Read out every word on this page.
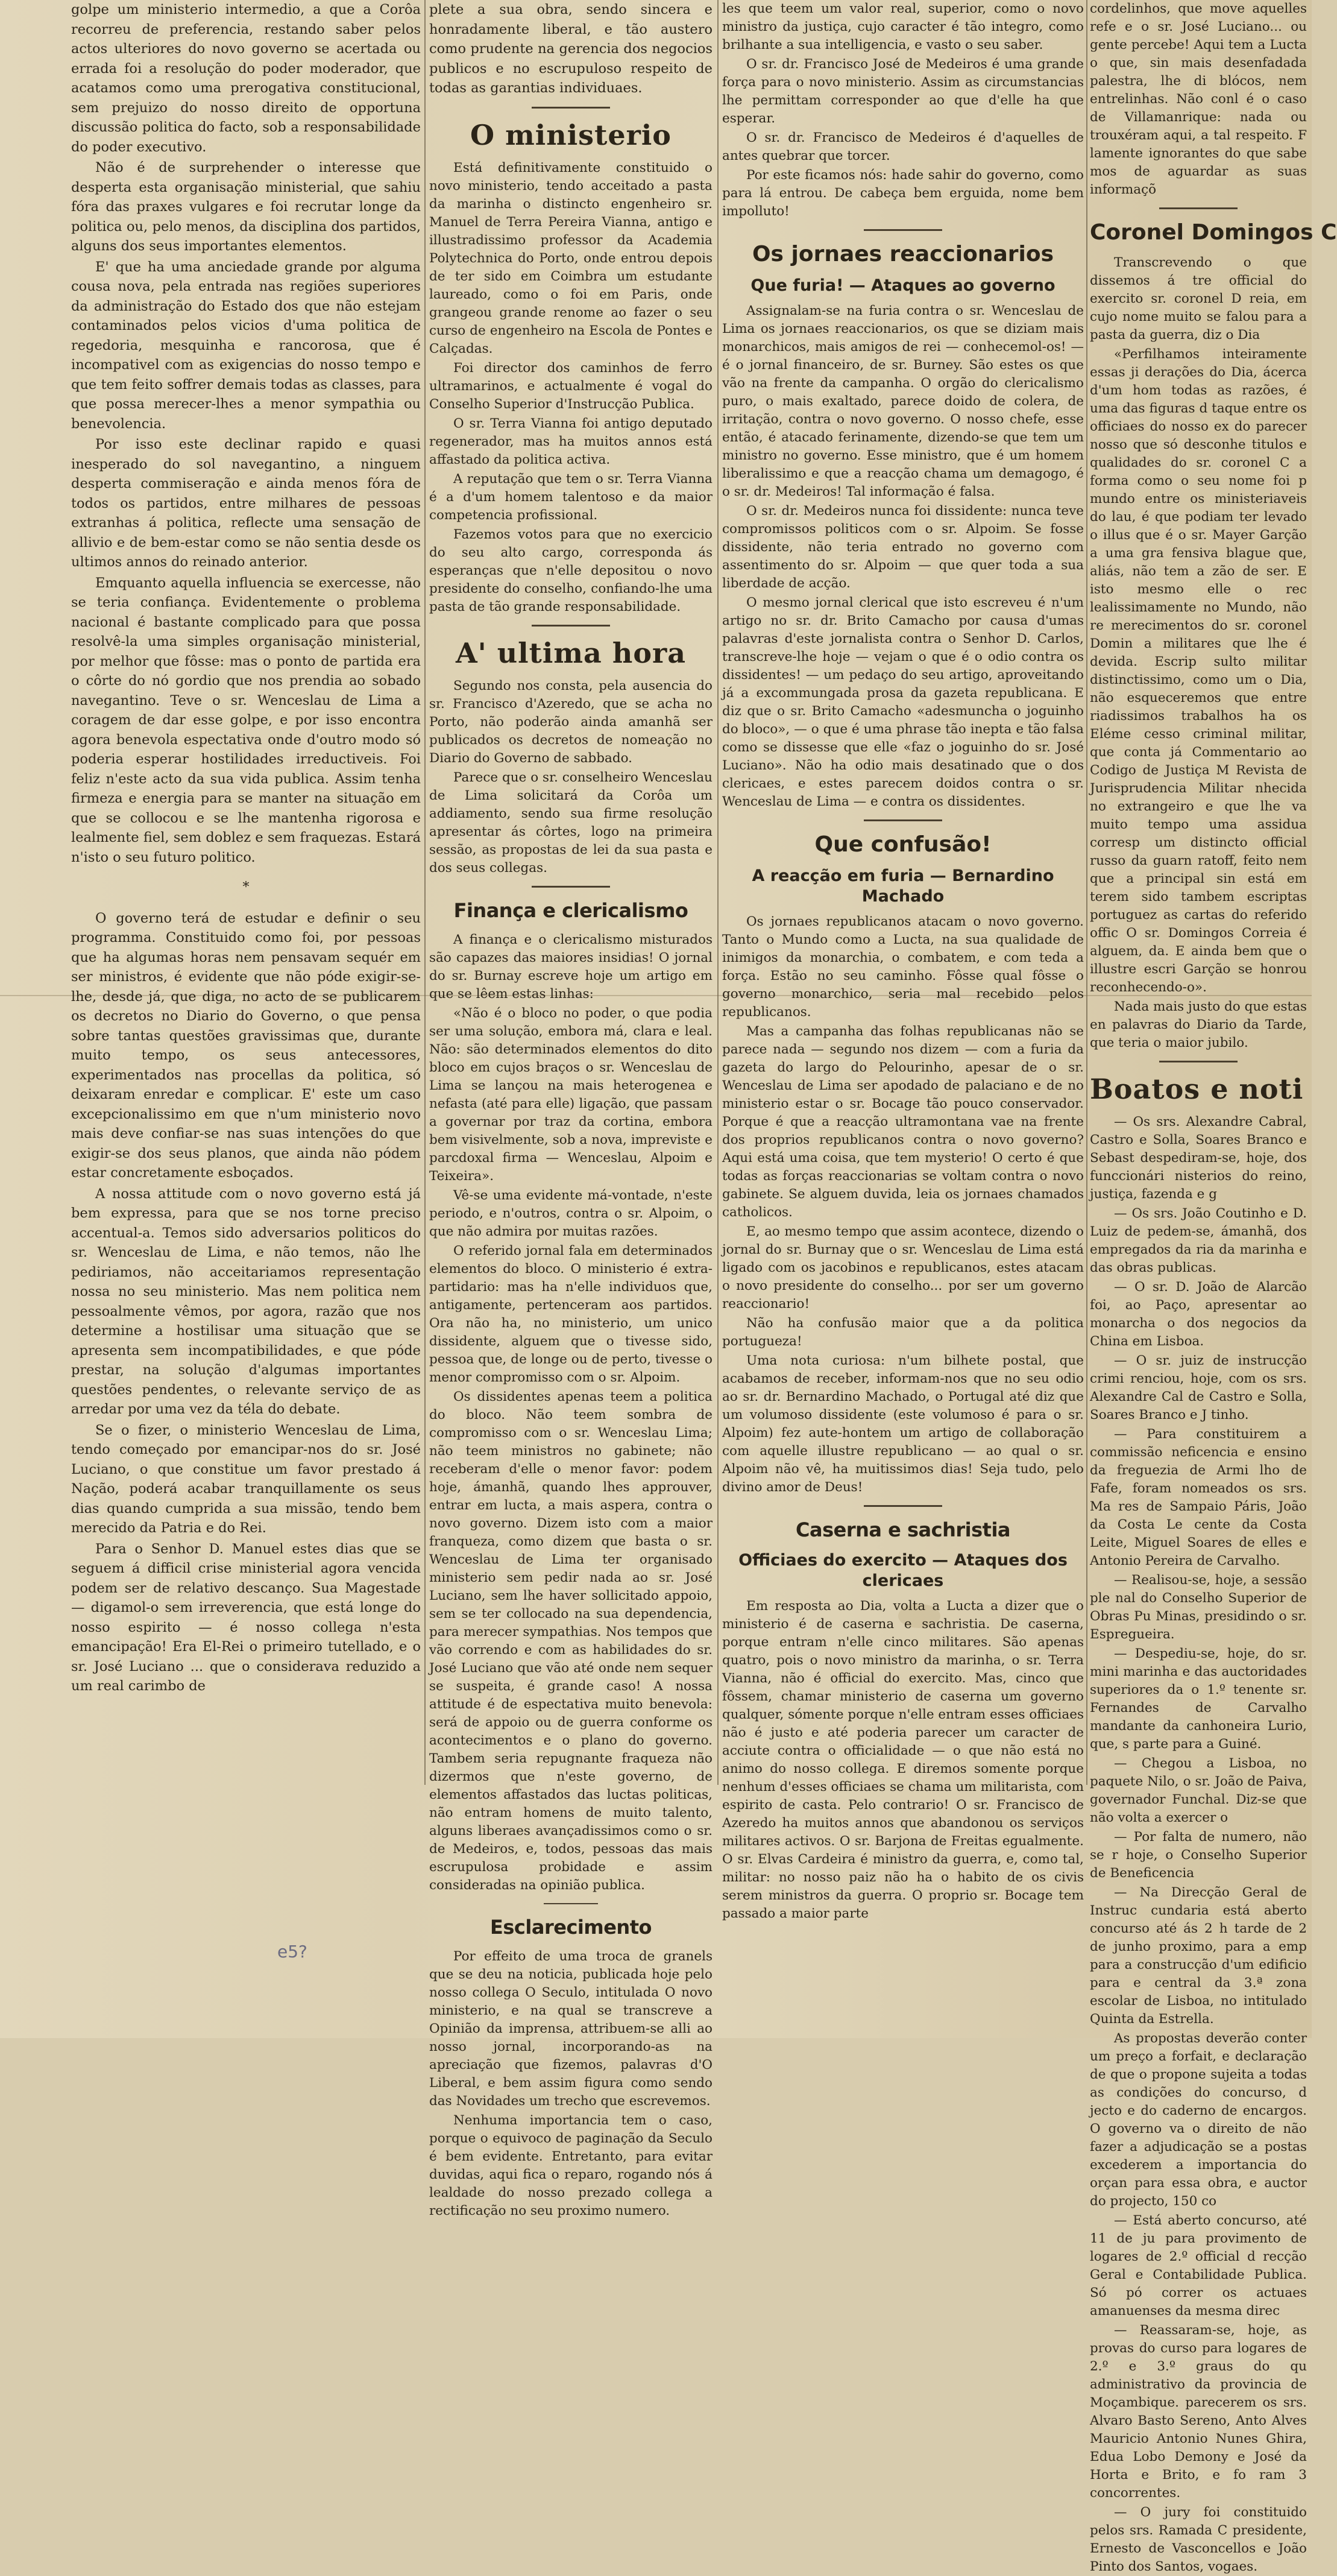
golpe um ministerio intermedio, a que a Corôa recorreu de preferencia, restando saber pelos actos ulteriores do novo governo se acertada ou errada foi a resolução do poder moderador, que acatamos como uma prerogativa constitucional, sem prejuizo do nosso direito de opportuna discussão politica do facto, sob a responsabilidade do poder executivo.

Não é de surprehender o interesse que desperta esta organisação ministerial, que sahiu fóra das praxes vulgares e foi recrutar longe da politica ou, pelo menos, da disciplina dos partidos, alguns dos seus importantes elementos.

E' que ha uma anciedade grande por alguma cousa nova, pela entrada nas regiões superiores da administração do Estado dos que não estejam contaminados pelos vicios d'uma politica de regedoria, mesquinha e rancorosa, que é incompativel com as exigencias do nosso tempo e que tem feito soffrer demais todas as classes, para que possa merecer-lhes a menor sympathia ou benevolencia.

Por isso este declinar rapido e quasi inesperado do sol navegantino, a ninguem desperta commiseração e ainda menos fóra de todos os partidos, entre milhares de pessoas extranhas á politica, reflecte uma sensação de allivio e de bem-estar como se não sentia desde os ultimos annos do reinado anterior.

Emquanto aquella influencia se exercesse, não se teria confiança. Evidentemente o problema nacional é bastante complicado para que possa resolvê-la uma simples organisação ministerial, por melhor que fôsse: mas o ponto de partida era o côrte do nó gordio que nos prendia ao sobado navegantino. Teve o sr. Wenceslau de Lima a coragem de dar esse golpe, e por isso encontra agora benevola espectativa onde d'outro modo só poderia esperar hostilidades irreductiveis. Foi feliz n'este acto da sua vida publica. Assim tenha firmeza e energia para se manter na situação em que se collocou e se lhe mantenha rigorosa e lealmente fiel, sem doblez e sem fraquezas. Estará n'isto o seu futuro politico.

*

O governo terá de estudar e definir o seu programma. Constituido como foi, por pessoas que ha algumas horas nem pensavam sequér em ser ministros, é evidente que não póde exigir-se-lhe, desde já, que diga, no acto de se publicarem os decretos no Diario do Governo, o que pensa sobre tantas questões gravissimas que, durante muito tempo, os seus antecessores, experimentados nas procellas da politica, só deixaram enredar e complicar. E' este um caso excepcionalissimo em que n'um ministerio novo mais deve confiar-se nas suas intenções do que exigir-se dos seus planos, que ainda não pódem estar concretamente esboçados.

A nossa attitude com o novo governo está já bem expressa, para que se nos torne preciso accentual-a. Temos sido adversarios politicos do sr. Wenceslau de Lima, e não temos, não lhe pediriamos, não acceitariamos representação nossa no seu ministerio. Mas nem politica nem pessoalmente vêmos, por agora, razão que nos determine a hostilisar uma situação que se apresenta sem incompatibilidades, e que póde prestar, na solução d'algumas importantes questões pendentes, o relevante serviço de as arredar por uma vez da téla do debate.

Se o fizer, o ministerio Wenceslau de Lima, tendo começado por emancipar-nos do sr. José Luciano, o que constitue um favor prestado á Nação, poderá acabar tranquillamente os seus dias quando cumprida a sua missão, tendo bem merecido da Patria e do Rei.

Para o Senhor D. Manuel estes dias que se seguem á difficil crise ministerial agora vencida podem ser de relativo descanço. Sua Magestade — digamol-o sem irreverencia, que está longe do nosso espirito — é nosso collega n'esta emancipação! Era El-Rei o primeiro tutellado, e o sr. José Luciano ... que o considerava reduzido a um real carimbo de

plete a sua obra, sendo sincera e honradamente liberal, e tão austero como prudente na gerencia dos negocios publicos e no escrupuloso respeito de todas as garantias individuaes.

O ministerio

Está definitivamente constituido o novo ministerio, tendo acceitado a pasta da marinha o distincto engenheiro sr. Manuel de Terra Pereira Vianna, antigo e illustradissimo professor da Academia Polytechnica do Porto, onde entrou depois de ter sido em Coimbra um estudante laureado, como o foi em Paris, onde grangeou grande renome ao fazer o seu curso de engenheiro na Escola de Pontes e Calçadas.

Foi director dos caminhos de ferro ultramarinos, e actualmente é vogal do Conselho Superior d'Instrucção Publica.

O sr. Terra Vianna foi antigo deputado regenerador, mas ha muitos annos está affastado da politica activa.

A reputação que tem o sr. Terra Vianna é a d'um homem talentoso e da maior competencia profissional.

Fazemos votos para que no exercicio do seu alto cargo, corresponda ás esperanças que n'elle depositou o novo presidente do conselho, confiando-lhe uma pasta de tão grande responsabilidade.

A' ultima hora

Segundo nos consta, pela ausencia do sr. Francisco d'Azeredo, que se acha no Porto, não poderão ainda amanhã ser publicados os decretos de nomeação no Diario do Governo de sabbado.

Parece que o sr. conselheiro Wenceslau de Lima solicitará da Corôa um addiamento, sendo sua firme resolução apresentar ás côrtes, logo na primeira sessão, as propostas de lei da sua pasta e dos seus collegas.

Finança e clericalismo

A finança e o clericalismo misturados são capazes das maiores insidias! O jornal do sr. Burnay escreve hoje um artigo em que se lêem estas linhas:

«Não é o bloco no poder, o que podia ser uma solução, embora má, clara e leal. Não: são determinados elementos do dito bloco em cujos braços o sr. Wenceslau de Lima se lançou na mais heterogenea e nefasta (até para elle) ligação, que passam a governar por traz da cortina, embora bem visivelmente, sob a nova, impreviste e parcdoxal firma — Wenceslau, Alpoim e Teixeira».

Vê-se uma evidente má-vontade, n'este periodo, e n'outros, contra o sr. Alpoim, o que não admira por muitas razões.

O referido jornal fala em determinados elementos do bloco. O ministerio é extra-partidario: mas ha n'elle individuos que, antigamente, pertenceram aos partidos. Ora não ha, no ministerio, um unico dissidente, alguem que o tivesse sido, pessoa que, de longe ou de perto, tivesse o menor compromisso com o sr. Alpoim.

Os dissidentes apenas teem a politica do bloco. Não teem sombra de compromisso com o sr. Wenceslau Lima; não teem ministros no gabinete; não receberam d'elle o menor favor: podem hoje, ámanhã, quando lhes approuver, entrar em lucta, a mais aspera, contra o novo governo. Dizem isto com a maior franqueza, como dizem que basta o sr. Wenceslau de Lima ter organisado ministerio sem pedir nada ao sr. José Luciano, sem lhe haver sollicitado appoio, sem se ter collocado na sua dependencia, para merecer sympathias. Nos tempos que vão correndo e com as habilidades do sr. José Luciano que vão até onde nem sequer se suspeita, é grande caso! A nossa attitude é de espectativa muito benevola: será de appoio ou de guerra conforme os acontecimentos e o plano do governo. Tambem seria repugnante fraqueza não dizermos que n'este governo, de elementos affastados das luctas politicas, não entram homens de muito talento, alguns liberaes avançadissimos como o sr. de Medeiros, e, todos, pessoas das mais escrupulosa probidade e assim consideradas na opinião publica.

Esclarecimento

Por effeito de uma troca de granels que se deu na noticia, publicada hoje pelo nosso collega O Seculo, intitulada O novo ministerio, e na qual se transcreve a Opinião da imprensa, attribuem-se alli ao nosso jornal, incorporando-as na apreciação que fizemos, palavras d'O Liberal, e bem assim figura como sendo das Novidades um trecho que escrevemos.

Nenhuma importancia tem o caso, porque o equivoco de paginação da Seculo é bem evidente. Entretanto, para evitar duvidas, aqui fica o reparo, rogando nós á lealdade do nosso prezado collega a rectificação no seu proximo numero.

les que teem um valor real, superior, como o novo ministro da justiça, cujo caracter é tão integro, como brilhante a sua intelligencia, e vasto o seu saber.

O sr. dr. Francisco José de Medeiros é uma grande força para o novo ministerio. Assim as circumstancias lhe permittam corresponder ao que d'elle ha que esperar.

O sr. dr. Francisco de Medeiros é d'aquelles de antes quebrar que torcer.

Por este ficamos nós: hade sahir do governo, como para lá entrou. De cabeça bem erguida, nome bem impolluto!

Os jornaes reaccionarios
Que furia! — Ataques ao governo

Assignalam-se na furia contra o sr. Wenceslau de Lima os jornaes reaccionarios, os que se diziam mais monarchicos, mais amigos de rei — conhecemol-os! — é o jornal financeiro, de sr. Burney. São estes os que vão na frente da campanha. O orgão do clericalismo puro, o mais exaltado, parece doido de colera, de irritação, contra o novo governo. O nosso chefe, esse então, é atacado ferinamente, dizendo-se que tem um ministro no governo. Esse ministro, que é um homem liberalissimo e que a reacção chama um demagogo, é o sr. dr. Medeiros! Tal informação é falsa.

O sr. dr. Medeiros nunca foi dissidente: nunca teve compromissos politicos com o sr. Alpoim. Se fosse dissidente, não teria entrado no governo com assentimento do sr. Alpoim — que quer toda a sua liberdade de acção.

O mesmo jornal clerical que isto escreveu é n'um artigo no sr. dr. Brito Camacho por causa d'umas palavras d'este jornalista contra o Senhor D. Carlos, transcreve-lhe hoje — vejam o que é o odio contra os dissidentes! — um pedaço do seu artigo, aproveitando já a excommungada prosa da gazeta republicana. E diz que o sr. Brito Camacho «adesmuncha o joguinho do bloco», — o que é uma phrase tão inepta e tão falsa como se dissesse que elle «faz o joguinho do sr. José Luciano». Não ha odio mais desatinado que o dos clericaes, e estes parecem doidos contra o sr. Wenceslau de Lima — e contra os dissidentes.

Que confusão!
A reacção em furia — Bernardino Machado

Os jornaes republicanos atacam o novo governo. Tanto o Mundo como a Lucta, na sua qualidade de inimigos da monarchia, o combatem, e com teda a força. Estão no seu caminho. Fôsse qual fôsse o governo monarchico, seria mal recebido pelos republicanos.

Mas a campanha das folhas republicanas não se parece nada — segundo nos dizem — com a furia da gazeta do largo do Pelourinho, apesar de o sr. Wenceslau de Lima ser apodado de palaciano e de no ministerio estar o sr. Bocage tão pouco conservador. Porque é que a reacção ultramontana vae na frente dos proprios republicanos contra o novo governo? Aqui está uma coisa, que tem mysterio! O certo é que todas as forças reaccionarias se voltam contra o novo gabinete. Se alguem duvida, leia os jornaes chamados catholicos.

E, ao mesmo tempo que assim acontece, dizendo o jornal do sr. Burnay que o sr. Wenceslau de Lima está ligado com os jacobinos e republicanos, estes atacam o novo presidente do conselho... por ser um governo reaccionario!

Não ha confusão maior que a da politica portugueza!

Uma nota curiosa: n'um bilhete postal, que acabamos de receber, informam-nos que no seu odio ao sr. dr. Bernardino Machado, o Portugal até diz que um volumoso dissidente (este volumoso é para o sr. Alpoim) fez aute-hontem um artigo de collaboração com aquelle illustre republicano — ao qual o sr. Alpoim não vê, ha muitissimos dias! Seja tudo, pelo divino amor de Deus!

Caserna e sachristia
Officiaes do exercito — Ataques dos clericaes

Em resposta ao Dia, volta a Lucta a dizer que o ministerio é de caserna e sachristia. De caserna, porque entram n'elle cinco militares. São apenas quatro, pois o novo ministro da marinha, o sr. Terra Vianna, não é official do exercito. Mas, cinco que fôssem, chamar ministerio de caserna um governo qualquer, sómente porque n'elle entram esses officiaes não é justo e até poderia parecer um caracter de acciute contra o officialidade — o que não está no animo do nosso collega. E diremos somente porque nenhum d'esses officiaes se chama um militarista, com espirito de casta. Pelo contrario! O sr. Francisco de Azeredo ha muitos annos que abandonou os serviços militares activos. O sr. Barjona de Freitas egualmente. O sr. Elvas Cardeira é ministro da guerra, e, como tal, militar: no nosso paiz não ha o habito de os civis serem ministros da guerra. O proprio sr. Bocage tem passado a maior parte

cordelinhos, que move aquelles refe e o sr. José Luciano... ou gente percebe! Aqui tem a Lucta o que, sin mais desenfadada palestra, lhe di blócos, nem entrelinhas. Não conl é o caso de Villamanrique: nada ou trouxéram aqui, a tal respeito. F lamente ignorantes do que sabe mos de aguardar as suas informaçõ

Coronel Domingos C

Transcrevendo o que dissemos á tre official do exercito sr. coronel D reia, em cujo nome muito se falou para a pasta da guerra, diz o Dia

«Perfilhamos inteiramente essas ji derações do Dia, ácerca d'um hom todas as razões, é uma das figuras d taque entre os officiaes do nosso ex do parecer nosso que só desconhe titulos e qualidades do sr. coronel C a forma como o seu nome foi p mundo entre os ministeriaveis do lau, é que podiam ter levado o illus que é o sr. Mayer Garção a uma gra fensiva blague que, aliás, não tem a zão de ser. E isto mesmo elle o rec lealissimamente no Mundo, não re merecimentos do sr. coronel Domin a militares que lhe é devida. Escrip sulto militar distinctissimo, como um o Dia, não esqueceremos que entre riadissimos trabalhos ha os Eléme cesso criminal militar, que conta já Commentario ao Codigo de Justiça M Revista de Jurisprudencia Militar nhecida no extrangeiro e que lhe va muito tempo uma assidua corresp um distincto official russo da guarn ratoff, feito nem que a principal sin está em terem sido tambem escriptas portuguez as cartas do referido offic O sr. Domingos Correia é alguem, da. E ainda bem que o illustre escri Garção se honrou reconhecendo-o».

Nada mais justo do que estas en palavras do Diario da Tarde, que teria o maior jubilo.

Boatos e noti

— Os srs. Alexandre Cabral, Castro e Solla, Soares Branco e Sebast despediram-se, hoje, dos funccionári nisterios do reino, justiça, fazenda e g

— Os srs. João Coutinho e D. Luiz de pedem-se, ámanhã, dos empregados da ria da marinha e das obras publicas.

— O sr. D. João de Alarcão foi, ao Paço, apresentar ao monarcha o dos negocios da China em Lisboa.

— O sr. juiz de instrucção crimi renciou, hoje, com os srs. Alexandre Cal de Castro e Solla, Soares Branco e J tinho.

— Para constituirem a commissão neficencia e ensino da freguezia de Armi lho de Fafe, foram nomeados os srs. Ma res de Sampaio Páris, João da Costa Le cente da Costa Leite, Miguel Soares de elles e Antonio Pereira de Carvalho.

— Realisou-se, hoje, a sessão ple nal do Conselho Superior de Obras Pu Minas, presidindo o sr. Espregueira.

— Despediu-se, hoje, do sr. mini marinha e das auctoridades superiores da o 1.º tenente sr. Fernandes de Carvalho mandante da canhoneira Lurio, que, s parte para a Guiné.

— Chegou a Lisboa, no paquete Nilo, o sr. João de Paiva, governador Funchal. Diz-se que não volta a exercer o

— Por falta de numero, não se r hoje, o Conselho Superior de Beneficencia

— Na Direcção Geral de Instruc cundaria está aberto concurso até ás 2 h tarde de 2 de junho proximo, para a emp para a construcção d'um edificio para e central da 3.ª zona escolar de Lisboa, no intitulado Quinta da Estrella.

As propostas deverão conter um preço a forfait, e declaração de que o propone sujeita a todas as condições do concurso, d jecto e do caderno de encargos. O governo va o direito de não fazer a adjudicação se a postas excederem a importancia do orçan para essa obra, e auctor do projecto, 150 co

— Está aberto concurso, até 11 de ju para provimento de logares de 2.º official d recção Geral e Contabilidade Publica. Só pó correr os actuaes amanuenses da mesma direc

— Reassaram-se, hoje, as provas do curso para logares de 2.º e 3.º graus do qu administrativo da provincia de Moçambique. parecerem os srs. Alvaro Basto Sereno, Anto Alves Mauricio Antonio Nunes Ghira, Edua Lobo Demony e José da Horta e Brito, e fo ram 3 concorrentes.

— O jury foi constituido pelos srs. Ramada C presidente, Ernesto de Vasconcellos e João Pinto dos Santos, vogaes.

e5?
